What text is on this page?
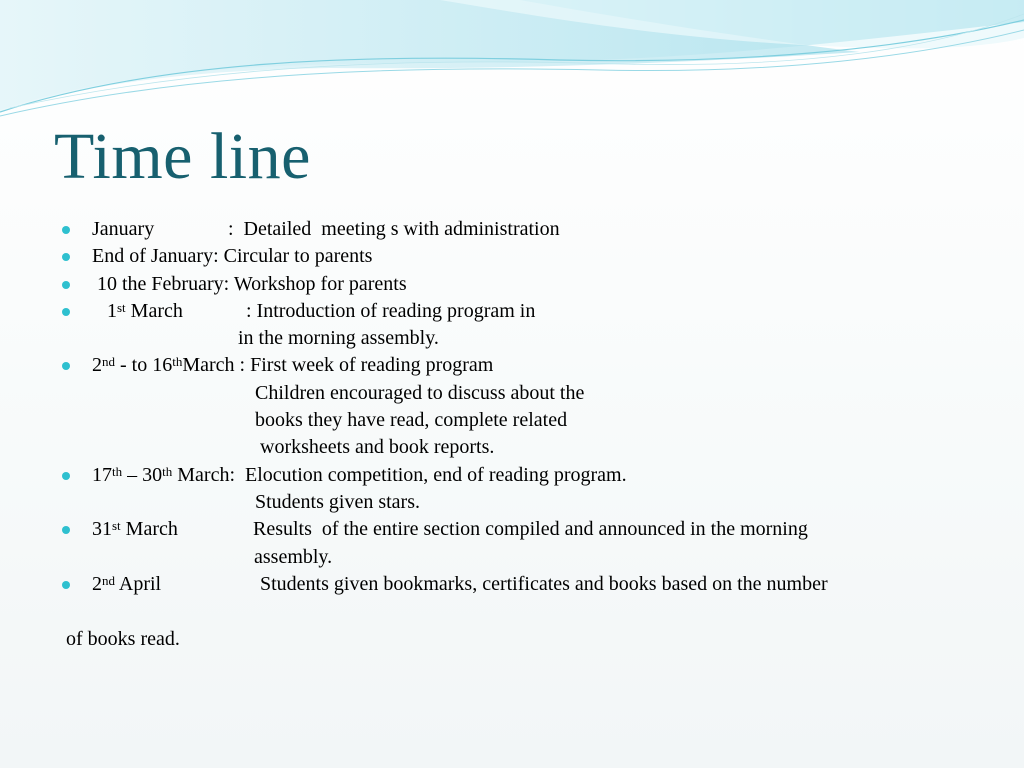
Time line

January

	:  Detailed  meeting s with administration

End of January: Circular to parents

10 the February: Workshop for parents

1st March

	: Introduction of reading program in

in the morning assembly.

2nd - to 16thMarch : First week of reading program

Children encouraged to discuss about the

books they have read, complete related

worksheets and book reports.

17th – 30th March:  Elocution competition, end of reading program.

Students given stars.

31st March

	Results  of the entire section compiled and announced in the morning

assembly.

2nd April

	Students given bookmarks, certificates and books based on the number

of books read.
